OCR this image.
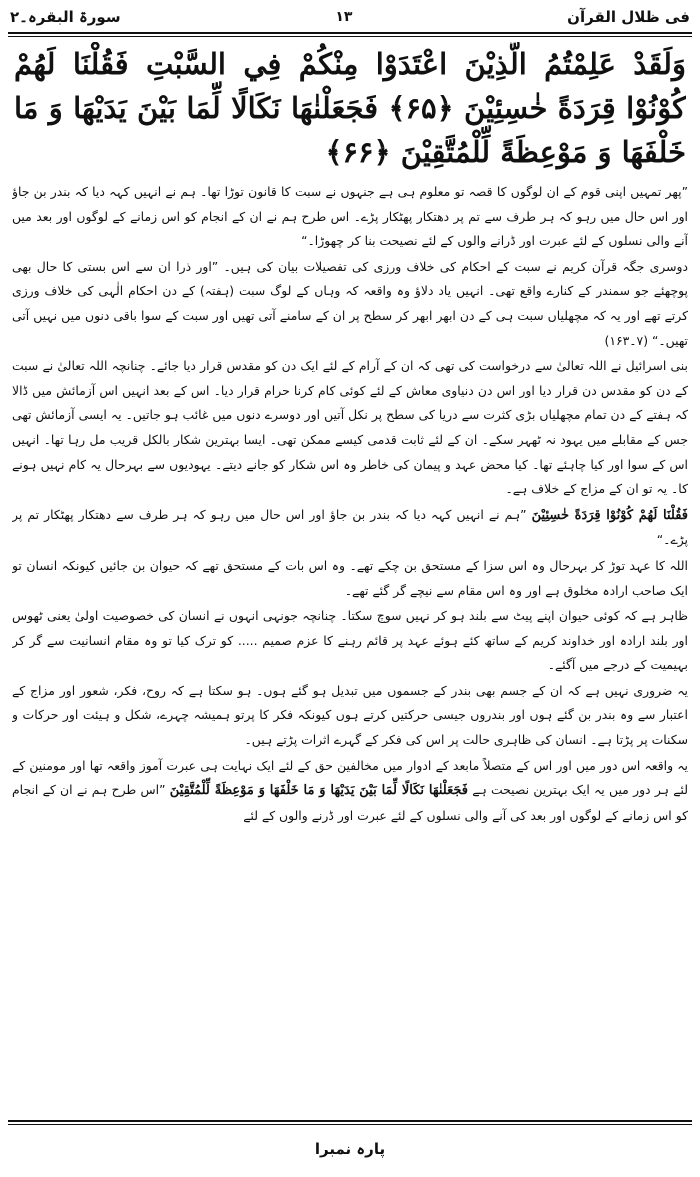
فی ظلال القرآن
۱۳
سورۃ البقرہ۔۲
وَلَقَدْ عَلِمْتُمُ الَّذِيْنَ اعْتَدَوْا مِنْكُمْ فِي السَّبْتِ فَقُلْنَا لَهُمْ كُوْنُوْا قِرَدَةً خٰسِئِيْنَ ﴿۶۵﴾ فَجَعَلْنٰهَا نَكَالًا لِّمَا بَيْنَ يَدَيْهَا وَ مَا خَلْفَهَا وَ مَوْعِظَةً لِّلْمُتَّقِيْنَ ﴿۶۶﴾

”پھر تمہیں اپنی قوم کے ان لوگوں کا قصہ تو معلوم ہی ہے جنہوں نے سبت کا قانون توڑا تھا۔ ہم نے انہیں کہہ دیا کہ بندر بن جاؤ اور اس حال میں رہو کہ ہر طرف سے تم پر دھتکار پھٹکار پڑے۔ اس طرح ہم نے ان کے انجام کو اس زمانے کے لوگوں اور بعد میں آنے والی نسلوں کے لئے عبرت اور ڈرانے والوں کے لئے نصیحت بنا کر چھوڑا۔“

دوسری جگہ قرآن کریم نے سبت کے احکام کی خلاف ورزی کی تفصیلات بیان کی ہیں۔ ”اور ذرا ان سے اس بستی کا حال بھی پوچھئے جو سمندر کے کنارے واقع تھی۔ انہیں یاد دلاؤ وہ واقعہ کہ وہاں کے لوگ سبت (ہفتہ) کے دن احکام الٰہی کی خلاف ورزی کرتے تھے اور یہ کہ مچھلیاں سبت ہی کے دن ابھر ابھر کر سطح پر ان کے سامنے آتی تھیں اور سبت کے سوا باقی دنوں میں نہیں آتی تھیں۔“ (۷۔۱۶۳)

بنی اسرائیل نے اللہ تعالیٰ سے درخواست کی تھی کہ ان کے آرام کے لئے ایک دن کو مقدس قرار دیا جائے۔ چنانچہ اللہ تعالیٰ نے سبت کے دن کو مقدس دن قرار دیا اور اس دن دنیاوی معاش کے لئے کوئی کام کرنا حرام قرار دیا۔ اس کے بعد انہیں اس آزمائش میں ڈالا کہ ہفتے کے دن تمام مچھلیاں بڑی کثرت سے دریا کی سطح پر نکل آتیں اور دوسرے دنوں میں غائب ہو جاتیں۔ یہ ایسی آزمائش تھی جس کے مقابلے میں یہود نہ ٹھہر سکے۔ ان کے لئے ثابت قدمی کیسے ممکن تھی۔ ایسا بہترین شکار بالکل قریب مل رہا تھا۔ انہیں اس کے سوا اور کیا چاہئے تھا۔ کیا محض عہد و پیمان کی خاطر وہ اس شکار کو جانے دیتے۔ یہودیوں سے بہرحال یہ کام نہیں ہونے کا۔ یہ تو ان کے مزاج کے خلاف ہے۔

فَقُلْنَا لَهُمْ كُوْنُوْا قِرَدَةً خٰسِئِيْنَ ”ہم نے انہیں کہہ دیا کہ بندر بن جاؤ اور اس حال میں رہو کہ ہر طرف سے دھتکار پھٹکار تم پر پڑے۔“

اللہ کا عہد توڑ کر بہرحال وہ اس سزا کے مستحق بن چکے تھے۔ وہ اس بات کے مستحق تھے کہ حیوان بن جائیں کیونکہ انسان تو ایک صاحب ارادہ مخلوق ہے اور وہ اس مقام سے نیچے گر گئے تھے۔

ظاہر ہے کہ کوئی حیوان اپنے پیٹ سے بلند ہو کر نہیں سوچ سکتا۔ چنانچہ جونہی انہوں نے انسان کی خصوصیت اولیٰ یعنی ٹھوس اور بلند ارادہ اور خداوند کریم کے ساتھ کئے ہوئے عہد پر قائم رہنے کا عزم صمیم ..... کو ترک کیا تو وہ مقام انسانیت سے گر کر بہیمیت کے درجے میں آگئے۔

یہ ضروری نہیں ہے کہ ان کے جسم بھی بندر کے جسموں میں تبدیل ہو گئے ہوں۔ ہو سکتا ہے کہ روح، فکر، شعور اور مزاج کے اعتبار سے وہ بندر بن گئے ہوں اور بندروں جیسی حرکتیں کرتے ہوں کیونکہ فکر کا پرتو ہمیشہ چہرے، شکل و ہیئت اور حرکات و سکنات پر پڑتا ہے۔ انسان کی ظاہری حالت پر اس کی فکر کے گہرے اثرات پڑتے ہیں۔

یہ واقعہ اس دور میں اور اس کے متصلاً مابعد کے ادوار میں مخالفین حق کے لئے ایک نہایت ہی عبرت آموز واقعہ تھا اور مومنین کے لئے ہر دور میں یہ ایک بہترین نصیحت ہے فَجَعَلْنٰهَا نَكَالًا لِّمَا بَيْنَ يَدَيْهَا وَ مَا خَلْفَهَا وَ مَوْعِظَةً لِّلْمُتَّقِيْنَ ”اس طرح ہم نے ان کے انجام کو اس زمانے کے لوگوں اور بعد کی آنے والی نسلوں کے لئے عبرت اور ڈرنے والوں کے لئے

پارہ نمبرا
